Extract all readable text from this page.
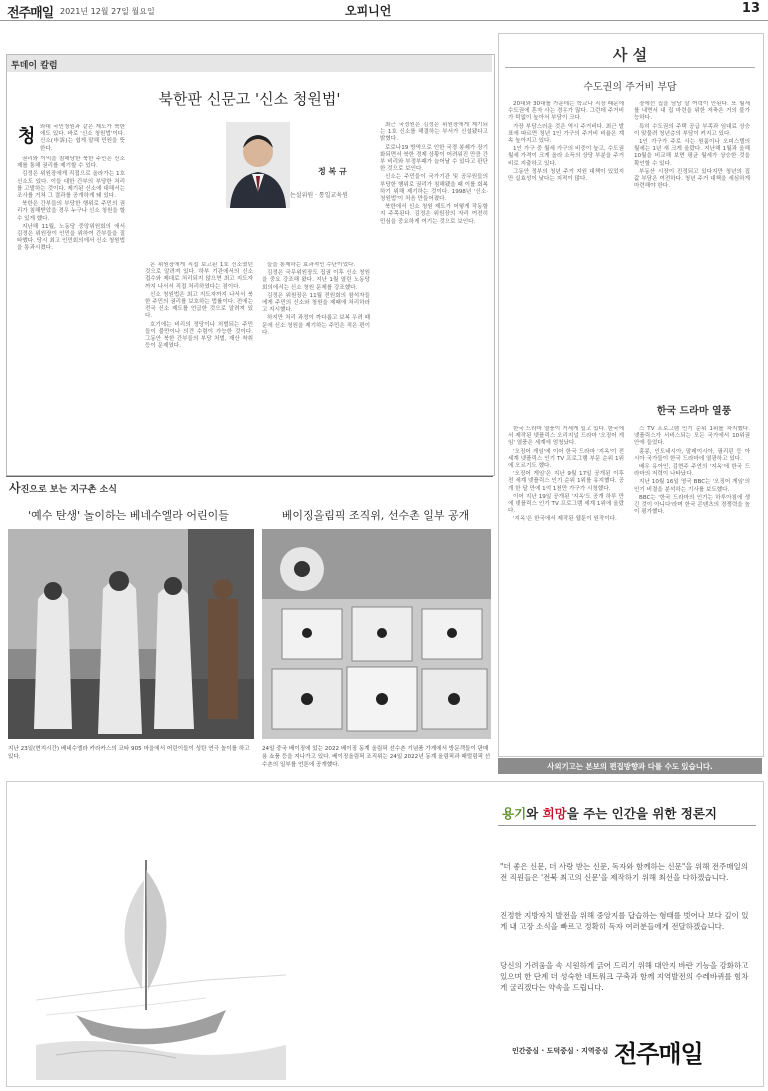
전주매일 2021년 12월 27일 월요일	오피니언	13
투데이 칼럼
북한판 신문고 '신소 청원법'
청 와대 국민청원과 같은 제도가 북한에도 있다. 바로 '신소 청원법'이다. 신소(申訴)는 쉽게 말해 민원을 뜻한다.

권리와 이익을 침해당한 북한 주민은 신소제를 통해 권리를 제기할 수 있다.

김정은 위원장에게 직접으로 올라가는 1호 신소도 있다. 이들 대한 간부의 부당한 처리를 고발하는 것이다. 제기된 신소에 대해서는 조사를 거쳐 그 결과를 공개하게 돼 있다.

북한은 간부들의 부당한 행위로 주민의 권리가 침해받았을 경우 누구나 신소 청원을 할 수 있게 했다.

지난해 11월, 노동당 중앙위원회의 에서 김정은 위원장이 인민을 위하여 간부들을 질타했다. 당시 최고 인민회의에서 신소 청원법을 통과시켰다.

정 복 규
논설위원 · 통일교육원

온 위원장에게 직접 보고된 1호 신소였던 것으로 알려져 있다. 하부 기관에서의 신소 접수와 제대로 처리되지 않으면 최고 지도자까지 나서서 직접 처리하였다는 점이다.

신소 청원법은 최고 지도자까지 나서서 북한 주민의 권리를 보호하는 법률이다. 전에는 전국 신소 제도를 언급한 것으로 알려져 있다.

호기에는 비리의 정당이나 처벌되는 주민들이 불만이나 의견 수렴이 가능한 것이다. 그동안 북한 간부들의 부당 처벌, 재산 착취 등이 문제였다.

들을 통제하는 효과적인 수단이었다.

김정은 국무위원장도 집권 이후 신소 청원을 중요 강조해 왔다. 지난 1월 열린 노동당 회의에서는 신소 청원 문제를 강조했다.

김정은 위원장은 11월 전원회의 참석자들에게 주민의 신소와 청원을 제때에 처리하라고 지시했다.

하지만 처리 과정이 까다롭고 보복 우려 때문에 신소 청원을 제기하는 주민은 적은 편이다.

최근 국정원은 김정은 위원장에게 제기되는 1호 신소를 해결하는 부서가 신설됐다고 밝혔다.

로로나19 방역으로 인한 국경 봉쇄가 장기화되면서 북한 경제 상황이 어려워진 만큼 간부 비리와 부정부패가 늘어날 수 있다고 판단한 것으로 보인다.

신소는 주민들이 국가기관 및 공무원들의 부당한 행위로 권리가 침해됐을 때 이를 회복하기 위해 제기하는 것이다. 1998년 '신소·청원법'이 처음 만들어졌다.

북한에서 신소 청원 제도가 어떻게 작동할지 주목된다. 김정은 위원장의 자리 여전히 민심을 중요하게 여기는 것으로 보인다.

사진으로 보는 지구촌 소식
'예수 탄생' 놀이하는 베네수엘라 어린이들
지난 23일(현지시간) 베네수엘라 카라카스의 코타 905 마을에서 어린이들이 성탄 연극 놀이를 하고 있다.
베이징올림픽 조직위, 선수촌 일부 공개
24일 중국 베이징에 있는 2022 베이징 동계 올림픽 선수촌 기념품 가게에서 방문객들이 판매용 쇼품 등을 지나가고 있다. 베이징올림픽 조직위는 24일 2022년 동계 올림픽과 패럴림픽 선수촌의 일부를 언론에 공개했다.
사 설
수도권의 주거비 부담

20대와 30대를 가운데는 학교나 직장 때문에 수도권에 혼자 사는 경우가 많다. 그런데 주거비가 턱없이 높아서 부담이 크다.

가장 부담스러운 것은 역시 주거비다. 최근 발표에 따르면 청년 1인 가구의 주거비 비율은 계속 높아지고 있다.

1인 가구 중 월세 가구의 비중이 높고, 수도권 월세 가격이 크게 올라 소득의 상당 부분을 주거비로 지출하고 있다.

그동안 정부의 청년 주거 지원 대책이 있었지만 실효성이 낮다는 지적이 많다.

장에선 집을 담당 살 여력이 안된다. 또 월세를 내면서 내 집 마련을 위한 저축은 거의 불가능하다.

특히 수도권의 주택 공급 부족과 임대료 상승이 맞물려 청년층의 부담이 커지고 있다.

1인 가구가 주로 사는 원룸이나 오피스텔의 월세는 1년 새 크게 올랐다. 지난해 1월과 올해 10월을 비교해 보면 평균 월세가 상승한 것을 확인할 수 있다.

부동산 시장이 진정되고 있다지만 청년의 집값 부담은 여전하다. 청년 주거 대책을 세심하게 마련해야 한다.

한국 드라마 열풍

한국 드라마 열풍이 거세게 일고 있다. 한국에서 제작된 넷플릭스 오리지널 드라마 '오징어 게임' 열풍은 세계에 엄청났다.

'오징어 게임'에 이어 한국 드라마 '지옥'이 전 세계 넷플릭스 인기 TV 프로그램 부문 순위 1위에 오르기도 했다.

'오징어 게임'은 지난 9월 17일 공개된 이후 전 세계 넷플릭스 인기 순위 1위를 유지했다. 공개 한 달 만에 1억 1천만 가구가 시청했다.

이어 지난 19일 공개된 '지옥'도 공개 하루 만에 넷플릭스 인기 TV 프로그램 세계 1위에 올랐다.

'지옥'은 한국에서 제작된 웹툰이 원작이다.

스 TV 프로그램 인기 순위 1위를 차지했다. 넷플릭스가 서비스되는 모든 국가에서 10위권 안에 들었다.

홍콩, 인도네시아, 말레이시아, 필리핀 등 아시아 국가들이 한국 드라마에 열광하고 있다.

배우 유아인, 김현주 주연의 '지옥'에 한국 드라마의 저력이 나타났다.

지난 10월 16일 영국 BBC는 '오징어 게임'의 인기 비결을 분석하는 기사를 보도했다.

BBC는 '한국 드라마의 인기는 하루아침에 생긴 것이 아니다'라며 한국 콘텐츠의 경쟁력을 높이 평가했다.

사외기고는 본보의 편집방향과 다를 수도 있습니다.
용기와 희망을 주는 인간을 위한 정론지
"더 좋은 신문, 더 사랑 받는 신문, 독자와 함께하는 신문"을 위해 전주매일의 전 직원들은 '전북 최고의 신문'을 제작하기 위해 최선을 다하겠습니다.
진정한 지방자치 발전을 위해 중앙지를 답습하는 형태를 벗어나 보다 깊이 있게 내 고장 소식을 빠르고 정확히 독자 여러분들에게 전달하겠습니다.
당신의 가려움을 속 시원하게 긁어 드리기 위해 대안지 바란 기능을 강화하고 있으며 한 단계 더 성숙한 네트워크 구축과 함께 지역발전의 수레바퀴를 힘차게 굴리겠다는 약속을 드립니다.
인간중심 · 도덕중심 · 지역중심 전주매일
